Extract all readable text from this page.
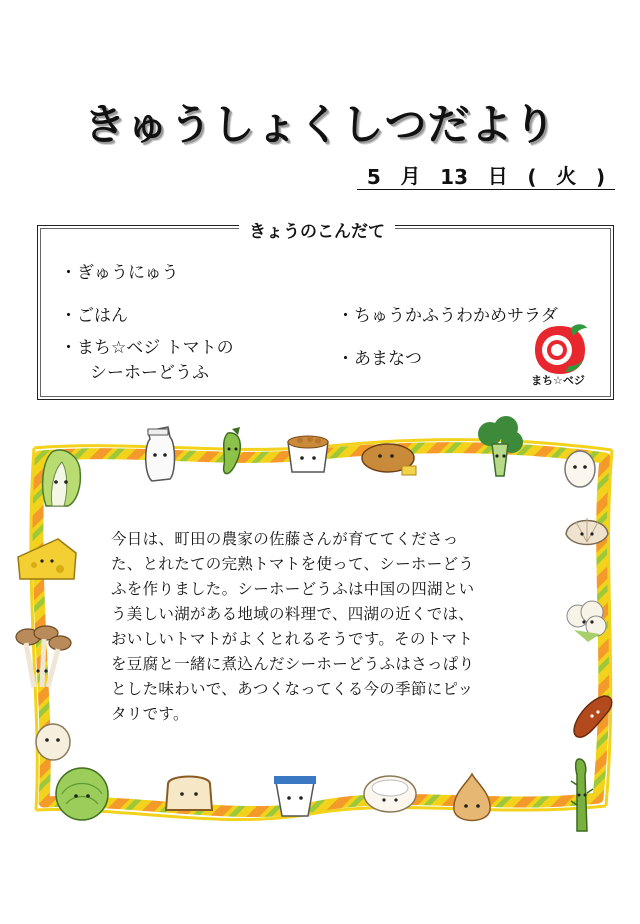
きゅうしょくしつだより
5 月 13 日 ( 火 )
きょうのこんだて
・ぎゅうにゅう
・ごはん
・まち☆ベジ トマトの
シーホーどうふ
・ちゅうかふうわかめサラダ
・あまなつ
まち☆ベジ
今日は、町田の農家の佐藤さんが育ててくださっ
た、とれたての完熟トマトを使って、シーホーどう
ふを作りました。シーホーどうふは中国の四湖とい
う美しい湖がある地域の料理で、四湖の近くでは、
おいしいトマトがよくとれるそうです。そのトマト
を豆腐と一緒に煮込んだシーホーどうふはさっぱり
とした味わいで、あつくなってくる今の季節にピッ
タリです。
